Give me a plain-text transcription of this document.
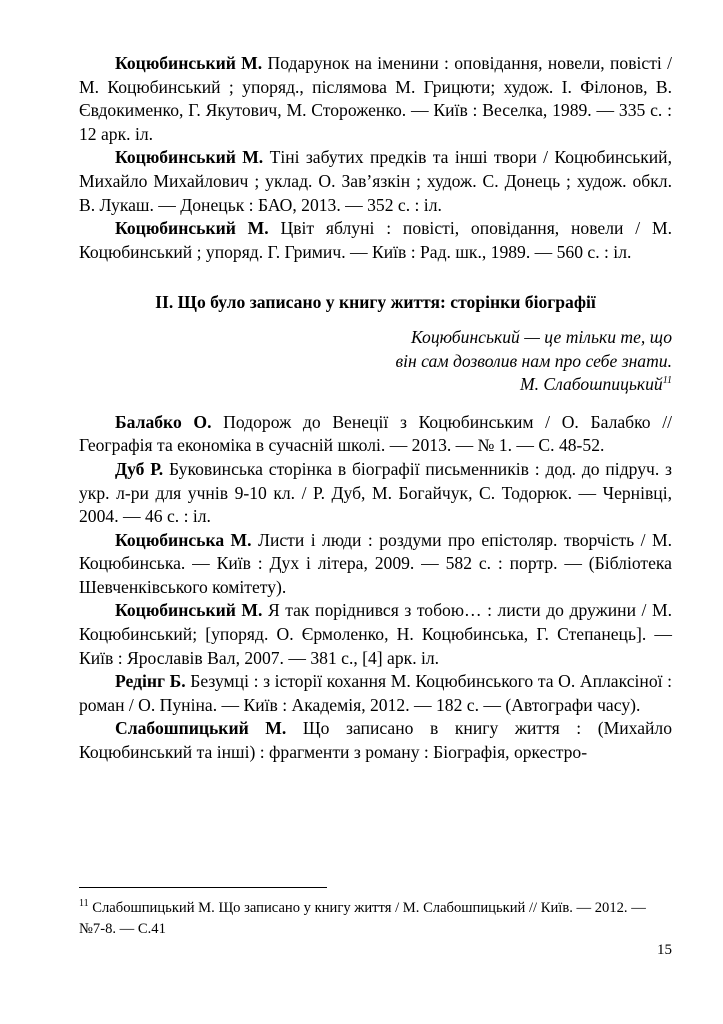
Коцюбинський М. Подарунок на іменини : оповідання, новели, повісті / М. Коцюбинський ; упоряд., післямова М. Грицюти; худож. І. Філонов, В. Євдокименко, Г. Якутович, М. Стороженко. — Київ : Веселка, 1989. — 335 с. : 12 арк. іл.

Коцюбинський М. Тіні забутих предків та інші твори / Коцюбинський, Михайло Михайлович ; уклад. О. Зав’язкін ; худож. С. Донець ; худож. обкл. В. Лукаш. — Донецьк : БАО, 2013. — 352 с. : іл.

Коцюбинський М. Цвіт яблуні : повісті, оповідання, новели / М. Коцюбинський ; упоряд. Г. Гримич. — Київ : Рад. шк., 1989. — 560 с. : іл.

ІІ. Що було записано у книгу життя: сторінки біографії
Коцюбинський — це тільки те, що
він сам дозволив нам про себе знати.
М. Слабошпицький$^{11}$

Балабко О. Подорож до Венеції з Коцюбинським / О. Балабко // Географія та економіка в сучасній школі. — 2013. — № 1. — С. 48-52.

Дуб Р. Буковинська сторінка в біографії письменників : дод. до підруч. з укр. л-ри для учнів 9-10 кл. / Р. Дуб, М. Богайчук, С. Тодорюк. — Чернівці, 2004. — 46 с. : іл.

Коцюбинська М. Листи і люди : роздуми про епістоляр. творчість / М. Коцюбинська. — Київ : Дух і літера, 2009. — 582 с. : портр. — (Бібліотека Шевченківського комітету).

Коцюбинський М. Я так поріднився з тобою… : листи до дружини / М. Коцюбинський; [упоряд. О. Єрмоленко, Н. Коцюбинська, Г. Степанець]. — Київ : Ярославів Вал, 2007. — 381 с., [4] арк. іл.

Редінг Б. Безумці : з історії кохання М. Коцюбинського та О. Аплаксіної : роман / О. Пуніна. — Київ : Академія, 2012. — 182 с. — (Автографи часу).

Слабошпицький М. Що записано в книгу життя : (Михайло Коцюбинський та інші) : фрагменти з роману : Біографія, оркестро-

$^{11}$ Слабошпицький М. Що записано у книгу життя / М. Слабошпицький // Київ. — 2012. — №7-8. — С.41

15
